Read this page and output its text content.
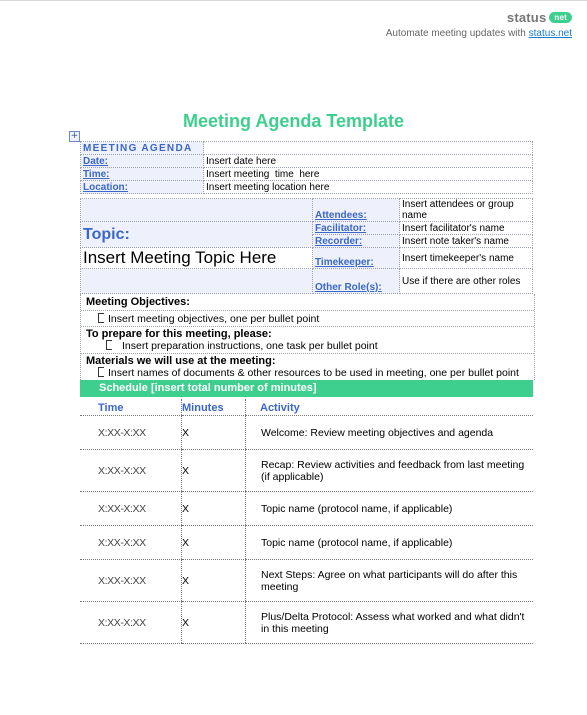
status net
Automate meeting updates with status.net
Meeting Agenda Template
+
MEETING AGENDA	
Date:	Insert date here
Time:	Insert meeting  time  here
Location:	Insert meeting location here
	Attendees:	Insert attendees or group name
Topic:	Facilitator:	Insert facilitator's name
	Recorder:	Insert note taker's name
Insert Meeting Topic Here	Timekeeper:	Insert timekeeper's name
	Other Role(s):	Use if there are other roles
Meeting Objectives:
Insert meeting objectives, one per bullet point
To prepare for this meeting, please:
Insert preparation instructions, one task per bullet point
Materials we will use at the meeting:
Insert names of documents & other resources to be used in meeting, one per bullet point
Schedule [insert total number of minutes]
Time	Minutes	Activity
X:XX-X:XX	X	Welcome: Review meeting objectives and agenda
X:XX-X:XX	X	Recap: Review activities and feedback from last meeting (if applicable)
X:XX-X:XX	X	Topic name (protocol name, if applicable)
X:XX-X:XX	X	Topic name (protocol name, if applicable)
X:XX-X:XX	X	Next Steps: Agree on what participants will do after this meeting
X:XX-X:XX	X	Plus/Delta Protocol: Assess what worked and what didn't in this meeting
